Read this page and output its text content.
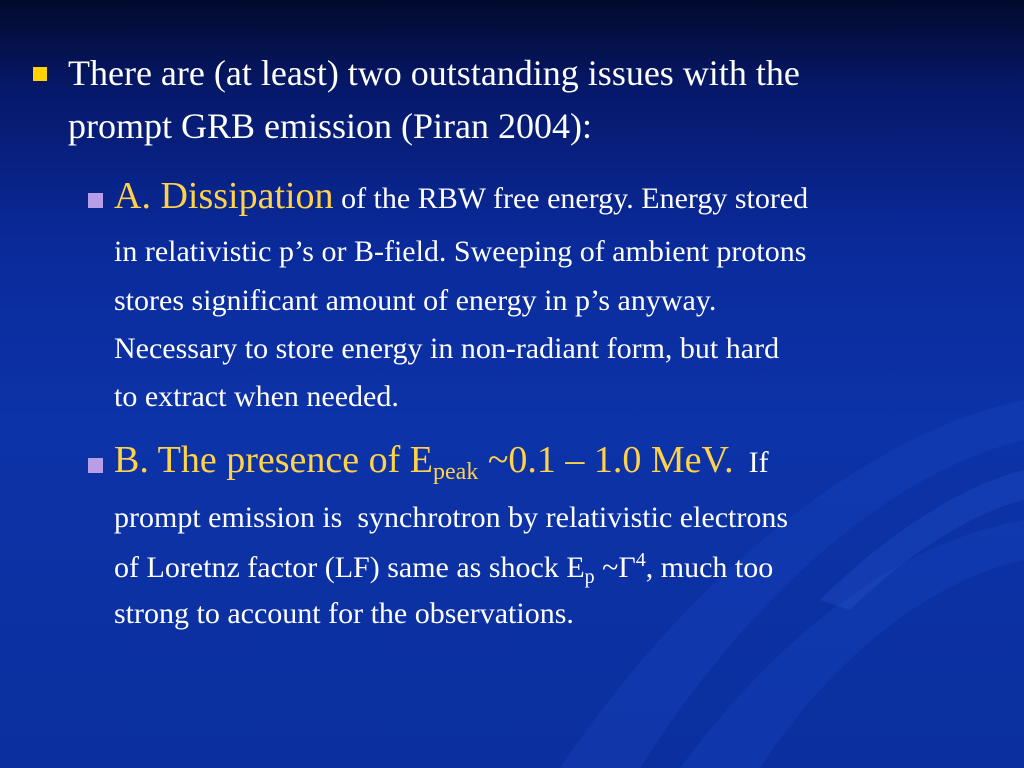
There are (at least) two outstanding issues with the
prompt GRB emission (Piran 2004):
A. Dissipation of the RBW free energy. Energy stored
in relativistic p’s or B-field. Sweeping of ambient protons
stores significant amount of energy in p’s anyway.
Necessary to store energy in non-radiant form, but hard
to extract when needed.
B. The presence of Epeak ~0.1 – 1.0 MeV.  If
prompt emission is  synchrotron by relativistic electrons
of Loretnz factor (LF) same as shock $E_p$ $\sim\Gamma^4$, much too
strong to account for the observations.
